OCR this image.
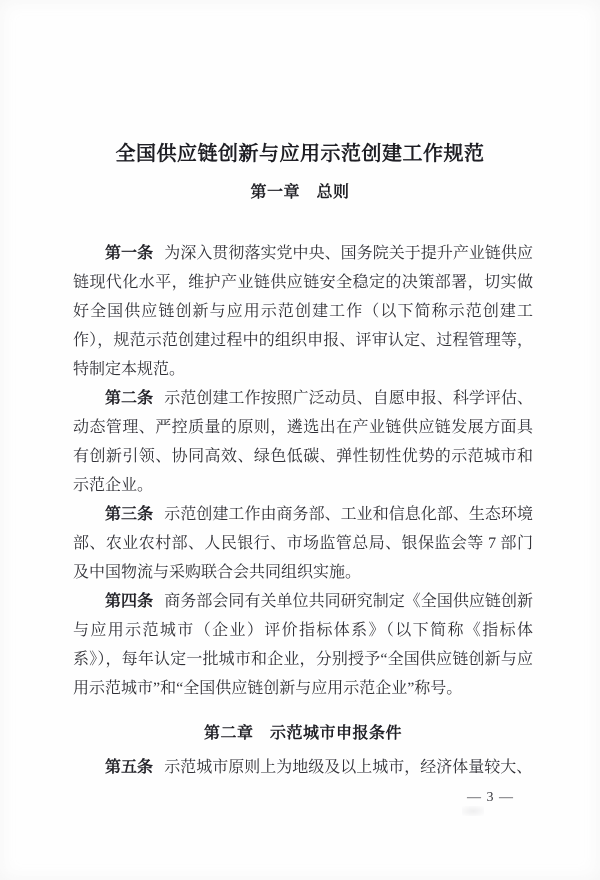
全国供应链创新与应用示范创建工作规范
第一章　总则

第一条 为深入贯彻落实党中央、国务院关于提升产业链供应链现代化水平，维护产业链供应链安全稳定的决策部署，切实做好全国供应链创新与应用示范创建工作（以下简称示范创建工作），规范示范创建过程中的组织申报、评审认定、过程管理等，特制定本规范。

第二条 示范创建工作按照广泛动员、自愿申报、科学评估、动态管理、严控质量的原则，遴选出在产业链供应链发展方面具有创新引领、协同高效、绿色低碳、弹性韧性优势的示范城市和示范企业。

第三条 示范创建工作由商务部、工业和信息化部、生态环境部、农业农村部、人民银行、市场监管总局、银保监会等 7 部门及中国物流与采购联合会共同组织实施。

第四条 商务部会同有关单位共同研究制定《全国供应链创新与应用示范城市（企业）评价指标体系》（以下简称《指标体系》），每年认定一批城市和企业，分别授予“全国供应链创新与应用示范城市”和“全国供应链创新与应用示范企业”称号。

第二章　示范城市申报条件

第五条 示范城市原则上为地级及以上城市，经济体量较大、

— 3 —
